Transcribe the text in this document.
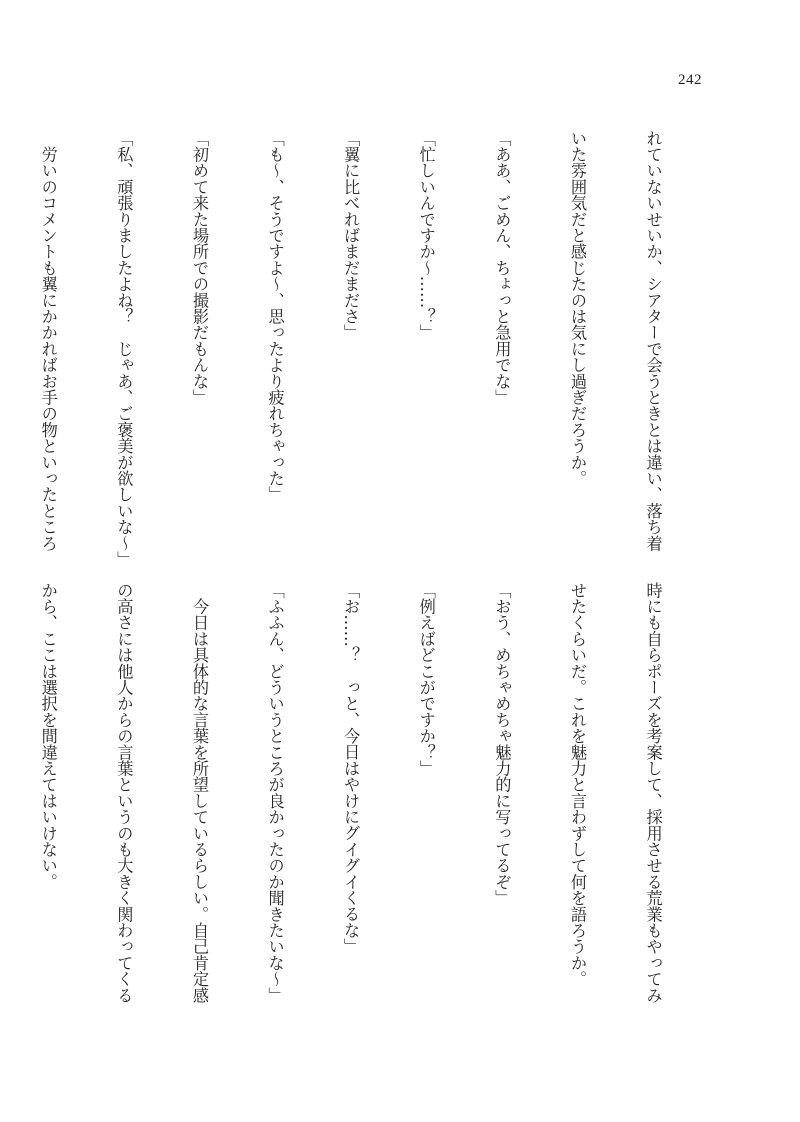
242

れていないせいか、シアターで会うときとは違い、落ち着

いた雰囲気だと感じたのは気にし過ぎだろうか。

「ああ、ごめん、ちょっと急用でな」

「忙しいんですか～……？」

「翼に比べればまだまださ」

「も～、そうですよ～、思ったより疲れちゃった」

「初めて来た場所での撮影だもんな」

「私、頑張りましたよね？　じゃあ、ご褒美が欲しいな～」

　労いのコメントも翼にかかればお手の物といったところ

時にも自らポーズを考案して、採用させる荒業もやってみ

せたくらいだ。これを魅力と言わずして何を語ろうか。

「おう、めちゃめちゃ魅力的に写ってるぞ」

「例えばどこがですか？」

「お……？　っと、今日はやけにグイグイくるな」

「ふふん、どういうところが良かったのか聞きたいな～」

　今日は具体的な言葉を所望しているらしい。自己肯定感

の高さには他人からの言葉というのも大きく関わってくる

から、ここは選択を間違えてはいけない。
